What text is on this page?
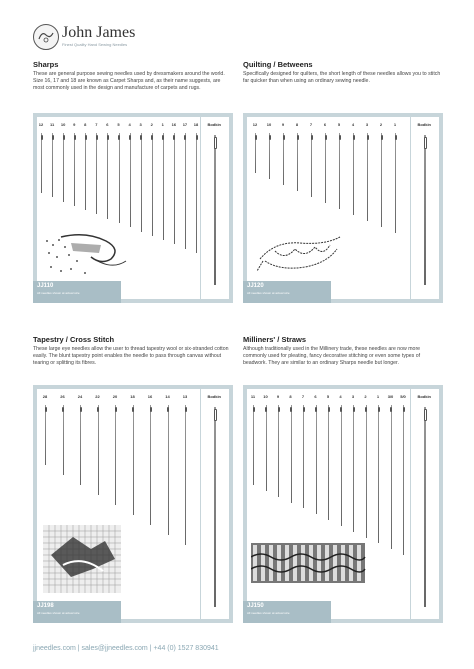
John James
Finest Quality Hand Sewing Needles
Sharps
These are general purpose sewing needles used by dressmakers around the world. Size 16, 17 and 18 are known as Carpet Sharps and, as their name suggests, are most commonly used in the design and manufacture of carpets and rugs.
12 11 10 9 8 7 6 5 4 3 2 1 16 17 18 Bodkin
JJ110
All needles shown at actual size
Quilting / Betweens
Specifically designed for quilters, the short length of these needles allows you to stitch far quicker than when using an ordinary sewing needle.
12 10	9	8	7	6	5	4	3	2	1	Bodkin
JJ120
All needles shown at actual size
Tapestry / Cross Stitch
These large eye needles allow the user to thread tapestry wool or six-stranded cotton easily. The blunt tapestry point enables the needle to pass through canvas without tearing or splitting its fibres.
28	26	24	22	20	18	16	14	13	Bodkin
JJ198
All needles shown at actual size
Milliners' / Straws
Although traditionally used in the Millinery trade, these needles are now more commonly used for pleating, fancy decorative stitching or even some types of beadwork. They are similar to an ordinary Sharps needle but longer.
11 10 9	8	7	6	5	4	3	2	1 3/0 5/0	Bodkin
JJ150
All needles shown at actual size
jjneedles.com | sales@jjneedles.com | +44 (0) 1527 830941
